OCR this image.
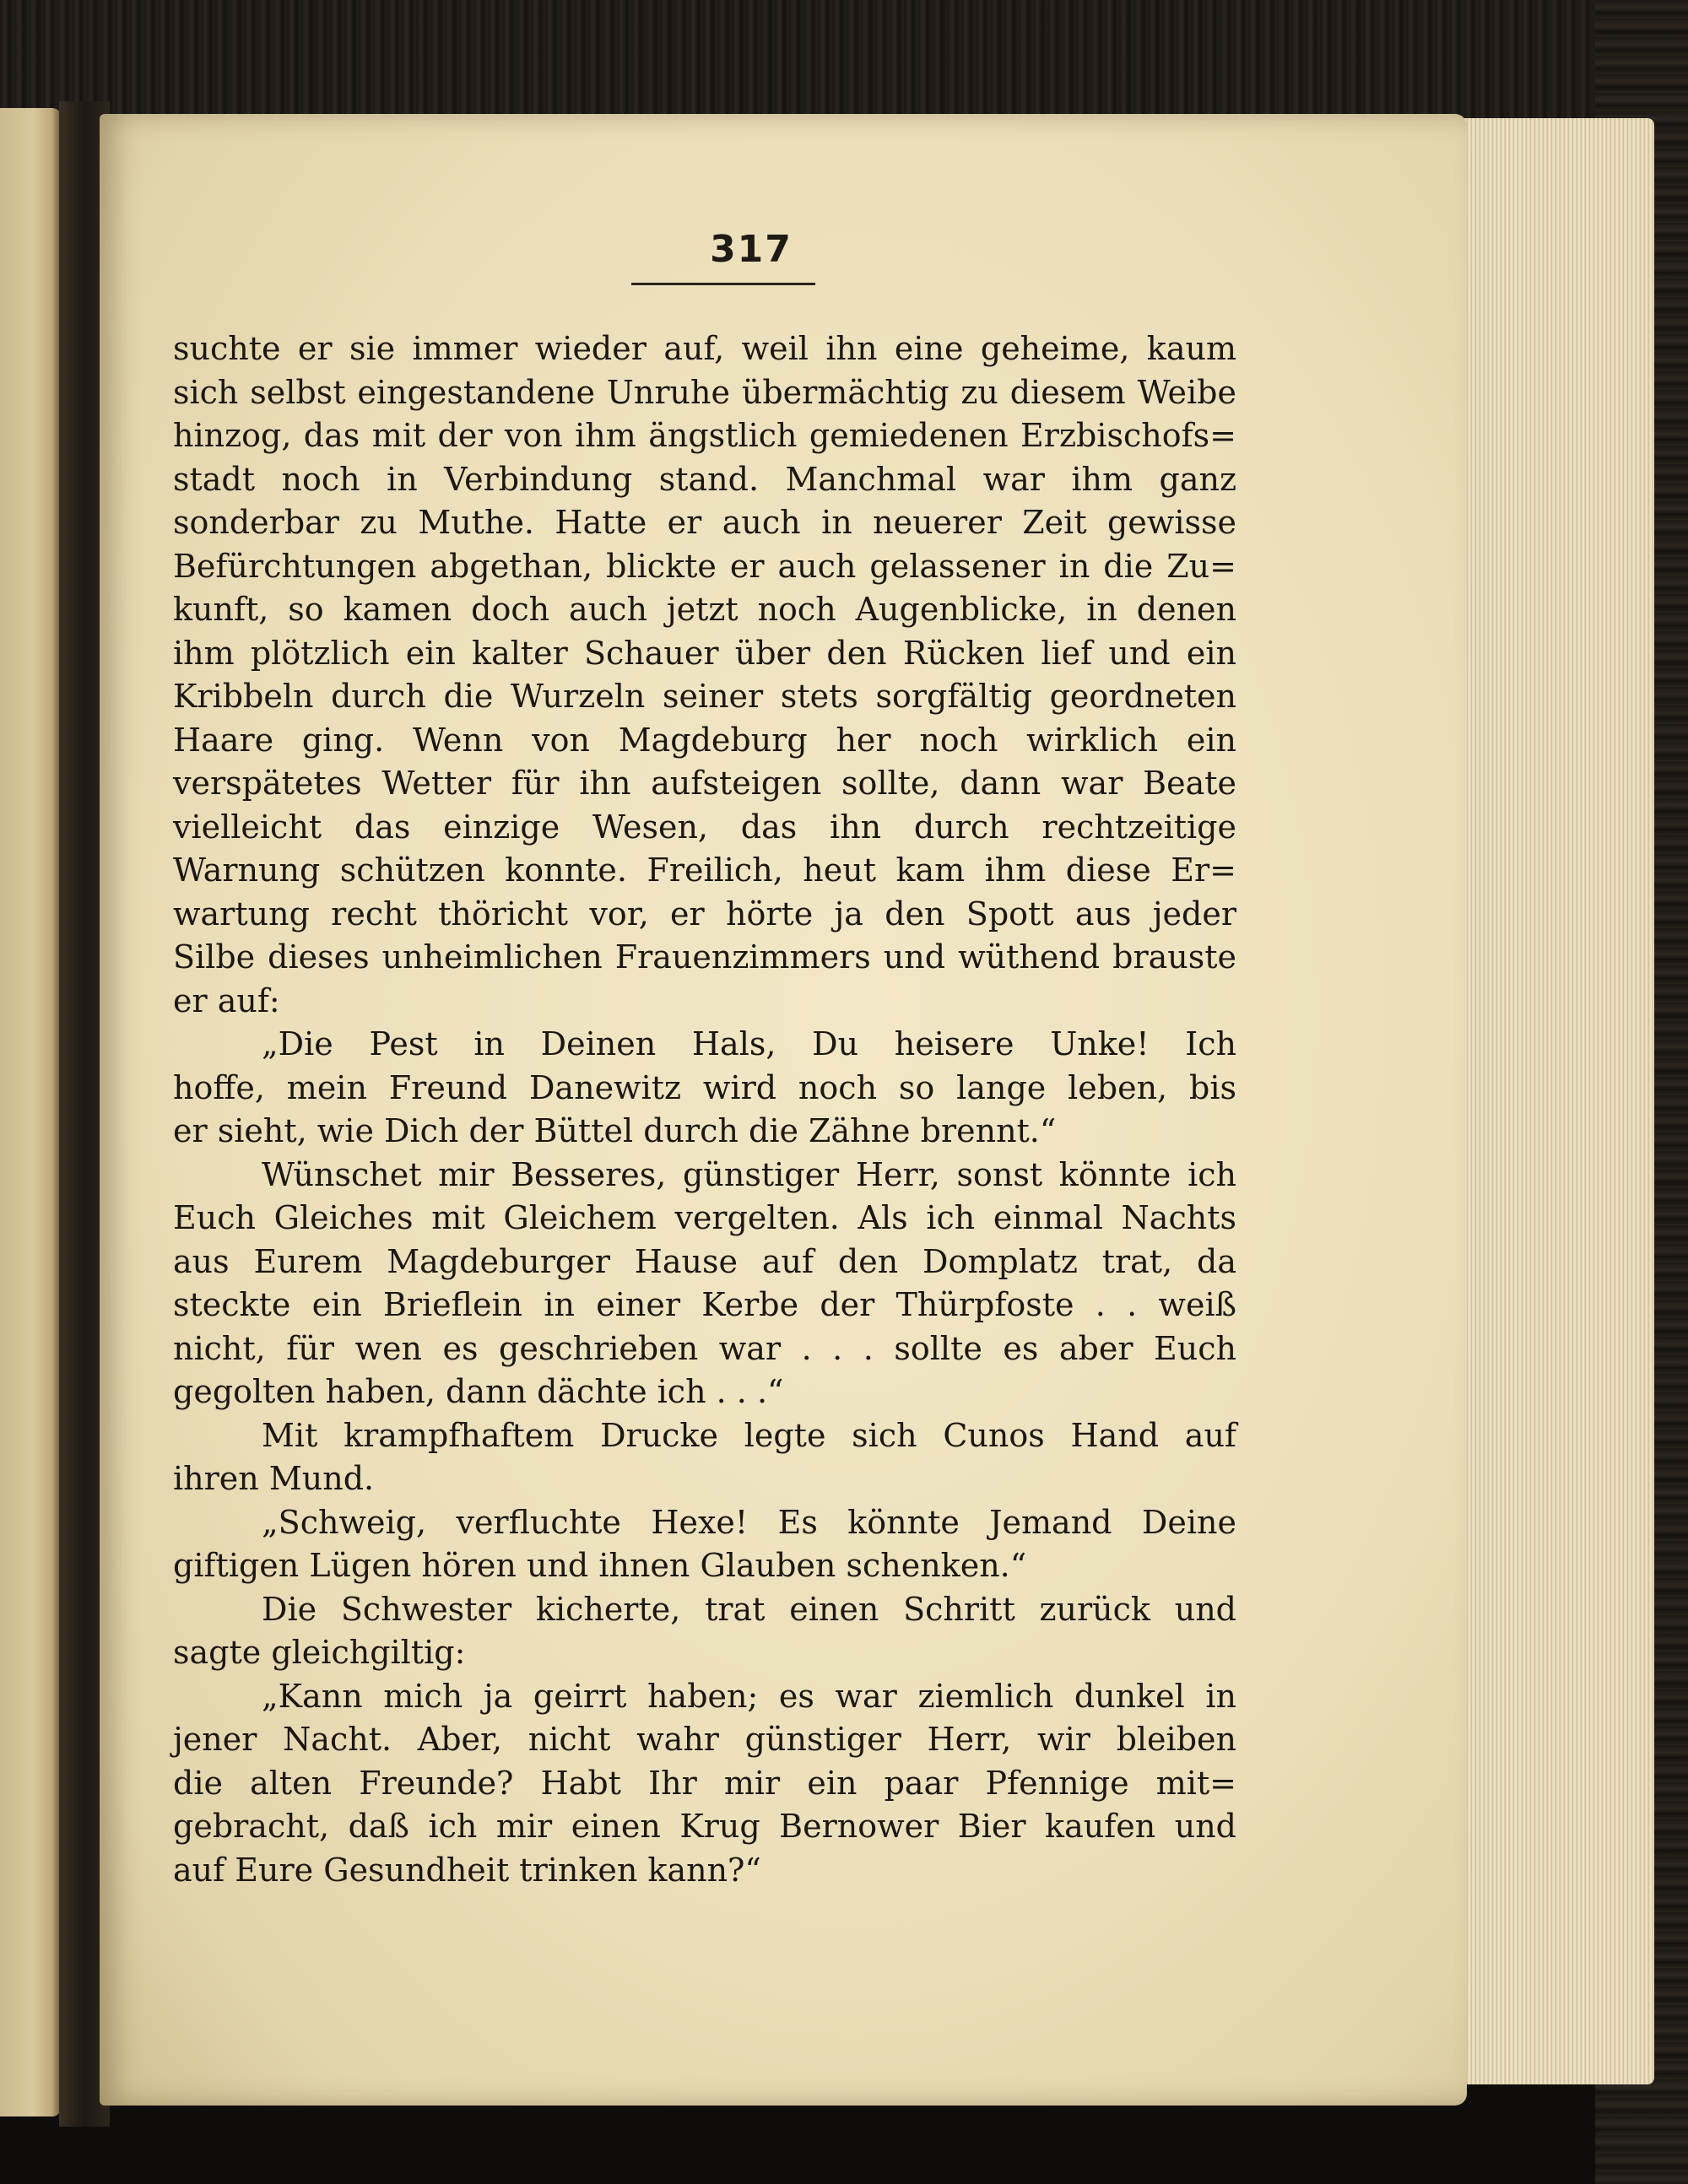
317
suchte er sie immer wieder auf, weil ihn eine geheime, kaum
sich selbst eingestandene Unruhe übermächtig zu diesem Weibe
hinzog, das mit der von ihm ängstlich gemiedenen Erzbischofs=
stadt noch in Verbindung stand. Manchmal war ihm ganz
sonderbar zu Muthe. Hatte er auch in neuerer Zeit gewisse
Befürchtungen abgethan, blickte er auch gelassener in die Zu=
kunft, so kamen doch auch jetzt noch Augenblicke, in denen
ihm plötzlich ein kalter Schauer über den Rücken lief und ein
Kribbeln durch die Wurzeln seiner stets sorgfältig geordneten
Haare ging. Wenn von Magdeburg her noch wirklich ein
verspätetes Wetter für ihn aufsteigen sollte, dann war Beate
vielleicht das einzige Wesen, das ihn durch rechtzeitige
Warnung schützen konnte. Freilich, heut kam ihm diese Er=
wartung recht thöricht vor, er hörte ja den Spott aus jeder
Silbe dieses unheimlichen Frauenzimmers und wüthend brauste
er auf:
„Die Pest in Deinen Hals, Du heisere Unke! Ich
hoffe, mein Freund Danewitz wird noch so lange leben, bis
er sieht, wie Dich der Büttel durch die Zähne brennt.“
Wünschet mir Besseres, günstiger Herr, sonst könnte ich
Euch Gleiches mit Gleichem vergelten. Als ich einmal Nachts
aus Eurem Magdeburger Hause auf den Domplatz trat, da
steckte ein Brieflein in einer Kerbe der Thürpfoste . . weiß
nicht, für wen es geschrieben war . . . sollte es aber Euch
gegolten haben, dann dächte ich . . .“
Mit krampfhaftem Drucke legte sich Cunos Hand auf
ihren Mund.
„Schweig, verfluchte Hexe! Es könnte Jemand Deine
giftigen Lügen hören und ihnen Glauben schenken.“
Die Schwester kicherte, trat einen Schritt zurück und
sagte gleichgiltig:
„Kann mich ja geirrt haben; es war ziemlich dunkel in
jener Nacht. Aber, nicht wahr günstiger Herr, wir bleiben
die alten Freunde? Habt Ihr mir ein paar Pfennige mit=
gebracht, daß ich mir einen Krug Bernower Bier kaufen und
auf Eure Gesundheit trinken kann?“
